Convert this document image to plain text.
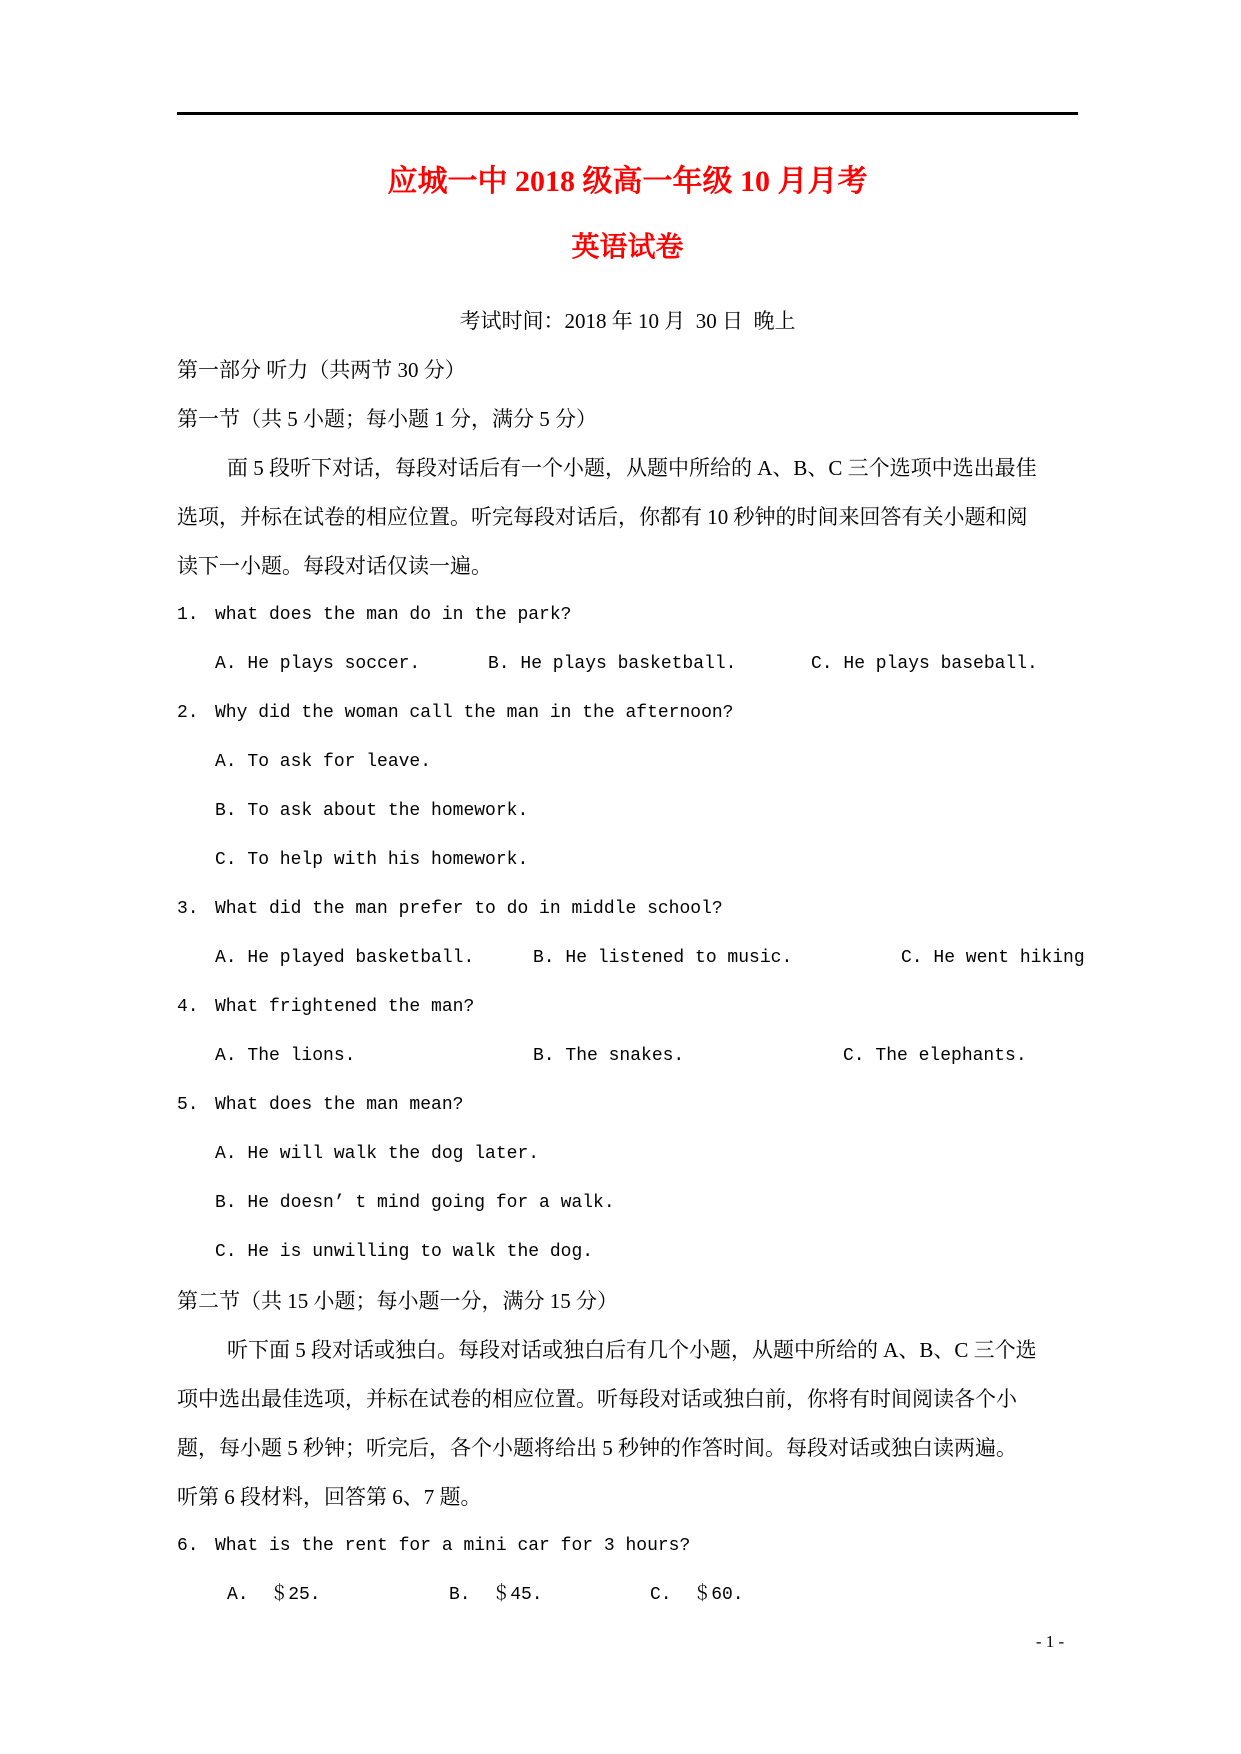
应城一中 2018 级高一年级 10 月月考
英语试卷
考试时间：2018 年 10 月  30 日  晚上
第一部分 听力（共两节 30 分）
第一节（共 5 小题；每小题 1 分，满分 5 分）
面 5 段听下对话，每段对话后有一个小题，从题中所给的 A、B、C 三个选项中选出最佳
选项，并标在试卷的相应位置。听完每段对话后，你都有 10 秒钟的时间来回答有关小题和阅
读下一小题。每段对话仅读一遍。
1. what does the man do in the park?
A. He plays soccer.	B. He plays basketball.	C. He plays baseball.
2. Why did the woman call the man in the afternoon?
A. To ask for leave.
B. To ask about the homework.
C. To help with his homework.
3. What did the man prefer to do in middle school?
A. He played basketball.	B. He listened to music.	C. He went hiking
4. What frightened the man?
A. The lions.	B. The snakes.	C. The elephants.
5. What does the man mean?
A. He will walk the dog later.
B. He doesn’ t mind going for a walk.
C. He is unwilling to walk the dog.
第二节（共 15 小题；每小题一分，满分 15 分）
听下面 5 段对话或独白。每段对话或独白后有几个小题，从题中所给的 A、B、C 三个选
项中选出最佳选项，并标在试卷的相应位置。听每段对话或独白前，你将有时间阅读各个小
题，每小题 5 秒钟；听完后，各个小题将给出 5 秒钟的作答时间。每段对话或独白读两遍。
听第 6 段材料，回答第 6、7 题。
6. What is the rent for a mini car for 3 hours?
A.  ＄25.	B.  ＄45.	C.  ＄60.
- 1 -
